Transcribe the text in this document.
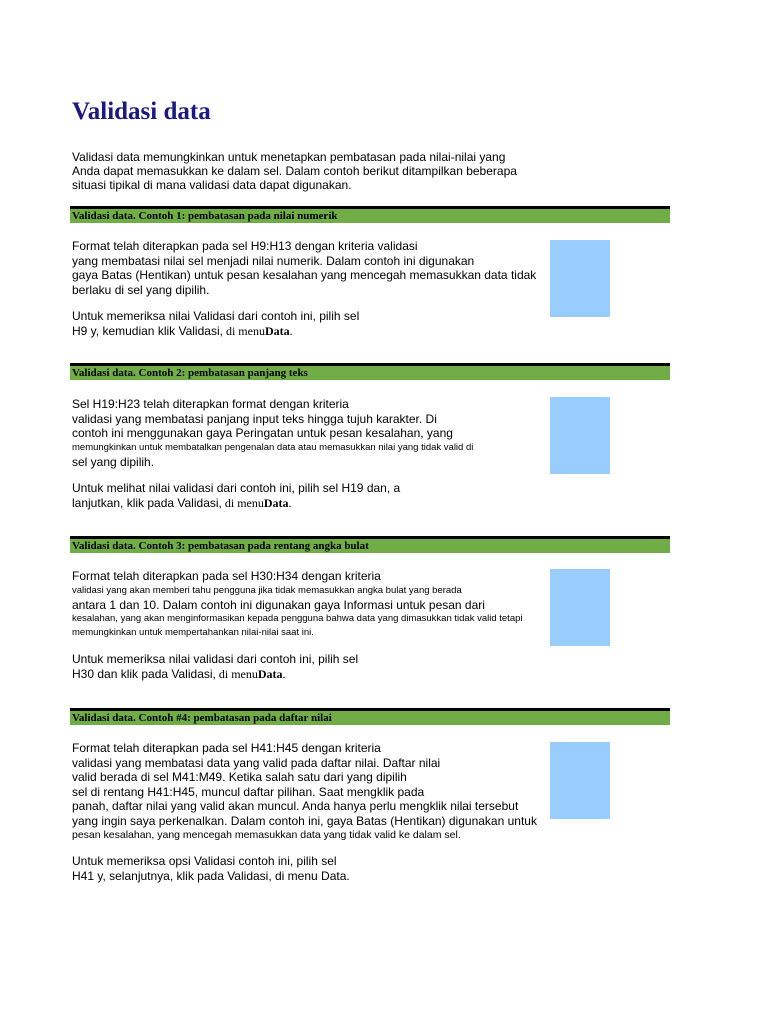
Validasi data
Validasi data memungkinkan untuk menetapkan pembatasan pada nilai-nilai yang
Anda dapat memasukkan ke dalam sel. Dalam contoh berikut ditampilkan beberapa
situasi tipikal di mana validasi data dapat digunakan.
Validasi data. Contoh 1: pembatasan pada nilai numerik
Format telah diterapkan pada sel H9:H13 dengan kriteria validasi
yang membatasi nilai sel menjadi nilai numerik. Dalam contoh ini digunakan
gaya Batas (Hentikan) untuk pesan kesalahan yang mencegah memasukkan data tidak
berlaku di sel yang dipilih.
Untuk memeriksa nilai Validasi dari contoh ini, pilih sel
H9 y, kemudian klik Validasi, di menuData.
Validasi data. Contoh 2: pembatasan panjang teks
Sel H19:H23 telah diterapkan format dengan kriteria
validasi yang membatasi panjang input teks hingga tujuh karakter. Di
contoh ini menggunakan gaya Peringatan untuk pesan kesalahan, yang
memungkinkan untuk membatalkan pengenalan data atau memasukkan nilai yang tidak valid di
sel yang dipilih.
Untuk melihat nilai validasi dari contoh ini, pilih sel H19 dan, a
lanjutkan, klik pada Validasi, di menuData.
Validasi data. Contoh 3: pembatasan pada rentang angka bulat
Format telah diterapkan pada sel H30:H34 dengan kriteria
validasi yang akan memberi tahu pengguna jika tidak memasukkan angka bulat yang berada
antara 1 dan 10. Dalam contoh ini digunakan gaya Informasi untuk pesan dari
kesalahan, yang akan menginformasikan kepada pengguna bahwa data yang dimasukkan tidak valid tetapi
memungkinkan untuk mempertahankan nilai-nilai saat ini.
Untuk memeriksa nilai validasi dari contoh ini, pilih sel
H30 dan klik pada Validasi, di menuData.
Validasi data. Contoh #4: pembatasan pada daftar nilai
Format telah diterapkan pada sel H41:H45 dengan kriteria
validasi yang membatasi data yang valid pada daftar nilai. Daftar nilai
valid berada di sel M41:M49. Ketika salah satu dari yang dipilih
sel di rentang H41:H45, muncul daftar pilihan. Saat mengklik pada
panah, daftar nilai yang valid akan muncul. Anda hanya perlu mengklik nilai tersebut
yang ingin saya perkenalkan. Dalam contoh ini, gaya Batas (Hentikan) digunakan untuk
pesan kesalahan, yang mencegah memasukkan data yang tidak valid ke dalam sel.
Untuk memeriksa opsi Validasi contoh ini, pilih sel
H41 y, selanjutnya, klik pada Validasi, di menu Data.
